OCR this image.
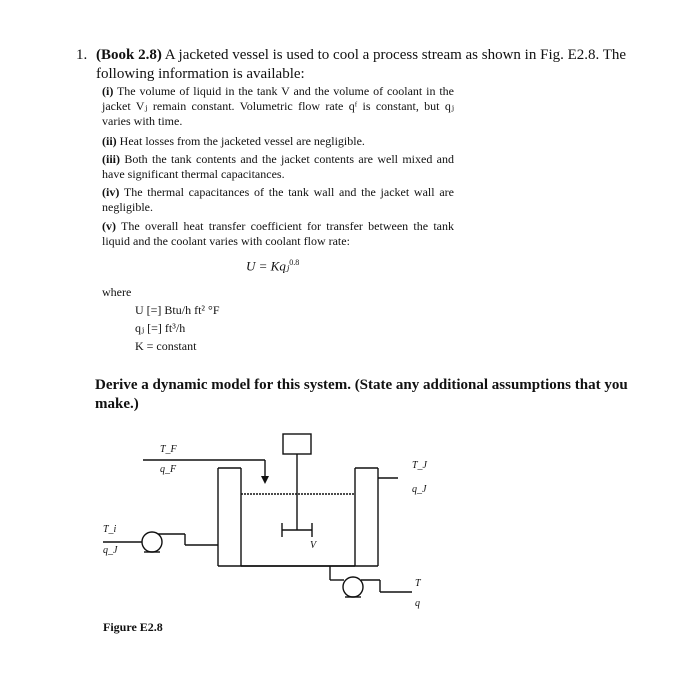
1. (Book 2.8) A jacketed vessel is used to cool a process stream as shown in Fig. E2.8. The following information is available:
(i) The volume of liquid in the tank V and the volume of coolant in the jacket Vⱼ remain constant. Volumetric flow rate qᶠ is constant, but qⱼ varies with time.
(ii) Heat losses from the jacketed vessel are negligible.
(iii) Both the tank contents and the jacket contents are well mixed and have significant thermal capacitances.
(iv) The thermal capacitances of the tank wall and the jacket wall are negligible.
(v) The overall heat transfer coefficient for transfer between the tank liquid and the coolant varies with coolant flow rate:
U = Kqⱼ$^{0.8}$
where
U [=] Btu/h ft² °F
qⱼ [=] ft³/h
K = constant
Derive a dynamic model for this system. (State any additional assumptions that you make.)
T_F
q_F	T_J
q_J
T_i
q_J	V
T
q
Figure E2.8
